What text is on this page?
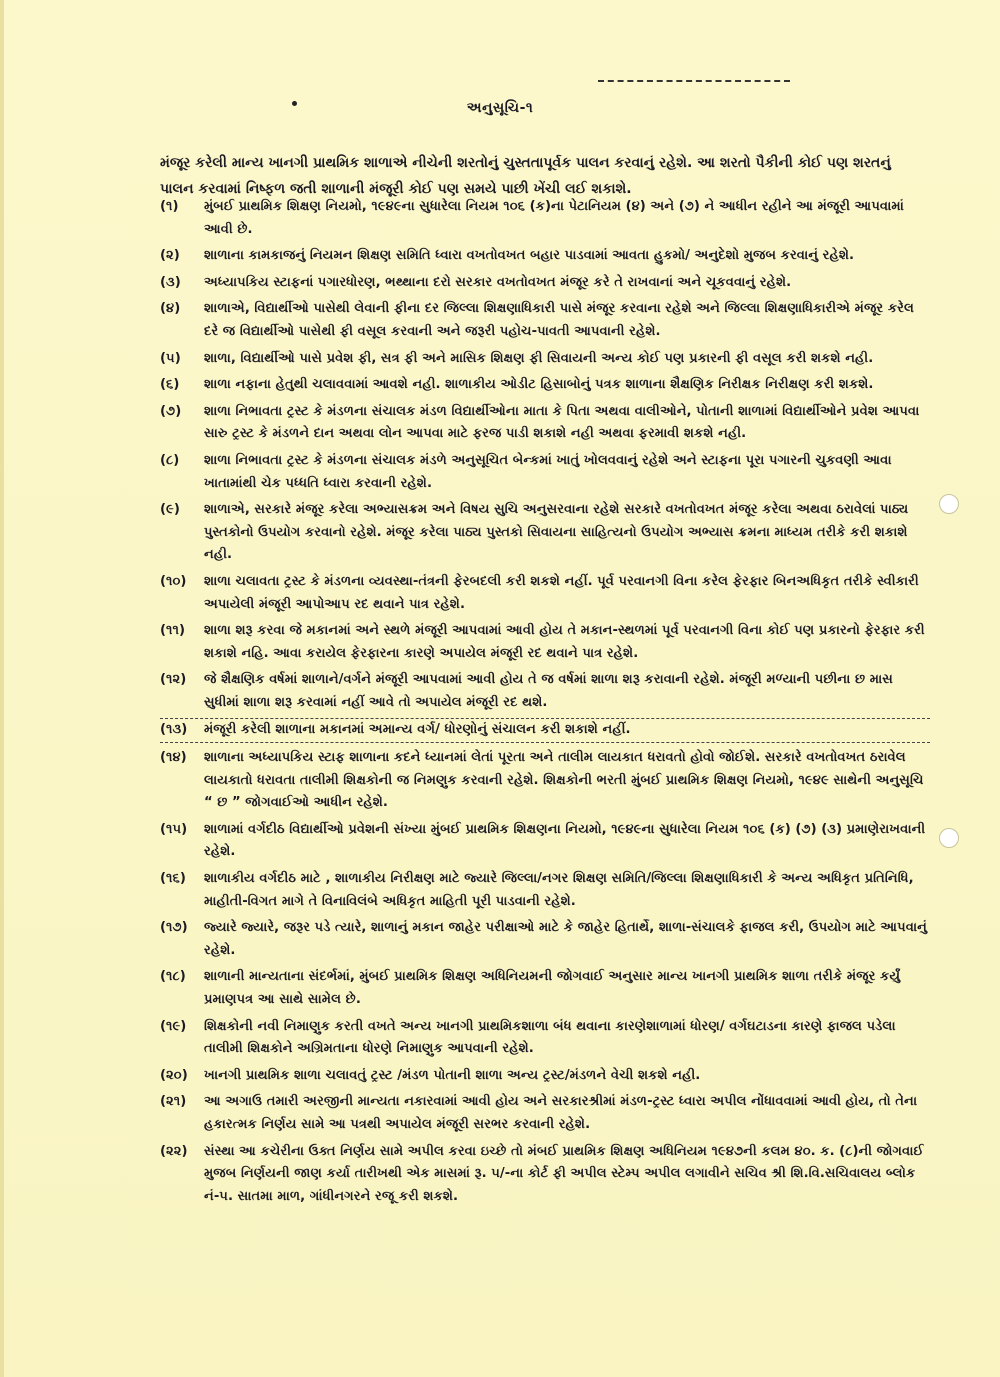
અનુસૂચિ-૧
મંજૂર કરેલી માન્ય ખાનગી પ્રાથમિક શાળાએ નીચેની શરતોનું ચુસ્તતાપૂર્વક પાલન કરવાનું રહેશે. આ શરતો પૈકીની કોઈ પણ શરતનું પાલન કરવામાં નિષ્ફળ જતી શાળાની મંજૂરી કોઈ પણ સમયે પાછી ખેંચી લઈ શકાશે.
(૧)	મુંબઈ પ્રાથમિક શિક્ષણ નિયમો, ૧૯૪૯ના સુધારેલા નિયમ ૧૦૬ (ક)ના પેટાનિયમ (૪) અને (૭) ને આધીન રહીને આ મંજૂરી આપવામાં આવી છે.
(૨)	શાળાના કામકાજનું નિયમન શિક્ષણ સમિતિ ધ્વારા વખતોવખત બહાર પાડવામાં આવતા હુકમો/ અનુદેશો મુજબ કરવાનું રહેશે.
(૩)	અધ્યાપકિય સ્ટાફનાં પગારધોરણ, ભથ્થાના દરો સરકાર વખતોવખત મંજૂર કરે તે રાખવાનાં અને ચૂકવવાનું રહેશે.
(૪)	શાળાએ, વિદ્યાર્થીઓ પાસેથી લેવાની ફીના દર જિલ્લા શિક્ષણાધિકારી પાસે મંજૂર કરવાના રહેશે અને જિલ્લા શિક્ષણાધિકારીએ મંજૂર કરેલ દરે જ વિદ્યાર્થીઓ પાસેથી ફી વસૂલ કરવાની અને જરૂરી પહોચ-પાવતી આપવાની રહેશે.
(૫)	શાળા, વિદ્યાર્થીઓ પાસે પ્રવેશ ફી, સત્ર ફી અને માસિક શિક્ષણ ફી સિવાયની અન્ય કોઈ પણ પ્રકારની ફી વસૂલ કરી શકશે નહી.
(૬)	શાળા નફાના હેતુથી ચલાવવામાં આવશે નહી. શાળાકીય ઓડીટ હિસાબોનું પત્રક શાળાના શૈક્ષણિક નિરીક્ષક નિરીક્ષણ કરી શકશે.
(૭)	શાળા નિભાવતા ટ્રસ્ટ કે મંડળના સંચાલક મંડળ વિદ્યાર્થીઓના માતા કે પિતા અથવા વાલીઓને, પોતાની શાળામાં વિદ્યાર્થીઓને પ્રવેશ આપવા સારુ ટ્રસ્ટ કે મંડળને દાન અથવા લોન આપવા માટે ફરજ પાડી શકાશે નહી અથવા ફરમાવી શકશે નહી.
(૮)	શાળા નિભાવતા ટ્રસ્ટ કે મંડળના સંચાલક મંડળે અનુસૂચિત બેન્કમાં ખાતું ખોલવવાનું રહેશે અને સ્ટાફના પૂરા પગારની ચુકવણી આવા ખાતામાંથી ચેક પધ્ધતિ ધ્વારા કરવાની રહેશે.
(૯)	શાળાએ, સરકારે મંજૂર કરેલા અભ્યાસક્રમ અને વિષય સુચિ અનુસરવાના રહેશે સરકારે વખતોવખત મંજૂર કરેલા અથવા ઠરાવેલાં પાઠ્ય પુસ્તકોનો ઉપયોગ કરવાનો રહેશે. મંજૂર કરેલા પાઠ્ય પુસ્તકો સિવાયના સાહિત્યનો ઉપયોગ અભ્યાસ ક્રમના માધ્યમ તરીકે કરી શકાશે નહી.
(૧૦)	શાળા ચલાવતા ટ્રસ્ટ કે મંડળના વ્યવસ્થા-તંત્રની ફેરબદલી કરી શકશે નહીં. પૂર્વ પરવાનગી વિના કરેલ ફેરફાર બિનઅધિકૃત તરીકે સ્વીકારી અપાયેલી મંજૂરી આપોઆપ રદ થવાને પાત્ર રહેશે.
(૧૧)	શાળા શરૂ કરવા જે મકાનમાં અને સ્થળે મંજૂરી આપવામાં આવી હોય તે મકાન-સ્થળમાં પૂર્વ પરવાનગી વિના કોઈ પણ પ્રકારનો ફેરફાર કરી શકાશે નહિ. આવા કરાયેલ ફેરફારના કારણે અપાયેલ મંજૂરી રદ થવાને પાત્ર રહેશે.
(૧૨)	જે શૈક્ષણિક વર્ષમાં શાળાને/વર્ગને મંજૂરી આપવામાં આવી હોય તે જ વર્ષમાં શાળા શરૂ કરાવાની રહેશે. મંજૂરી મળ્યાની પછીના છ માસ સુધીમાં શાળા શરૂ કરવામાં નહીં આવે તો અપાયેલ મંજૂરી રદ થશે.
(૧૩)	મંજૂરી કરેલી શાળાના મકાનમાં અમાન્ય વર્ગ/ ધોરણોનું સંચાલન કરી શકાશે નહીં.
(૧૪)	શાળાના અધ્યાપકિય સ્ટાફ શાળાના કદને ધ્યાનમાં લેતાં પૂરતા અને તાલીમ લાયકાત ધરાવતો હોવો જોઈશે. સરકારે વખતોવખત ઠરાવેલ લાયકાતો ધરાવતા તાલીમી શિક્ષકોની જ નિમણુક કરવાની રહેશે. શિક્ષકોની ભરતી મુંબઈ પ્રાથમિક શિક્ષણ નિયમો, ૧૯૪૯ સાથેની અનુસૂચિ “ છ ” જોગવાઈઓ આધીન રહેશે.
(૧૫)	શાળામાં વર્ગદીઠ વિદ્યાર્થીઓ પ્રવેશની સંખ્યા મુંબઈ પ્રાથમિક શિક્ષણના નિયમો, ૧૯૪૯ના સુધારેલા નિયમ ૧૦૬ (ક) (૭) (૩) પ્રમાણેરાખવાની રહેશે.
(૧૬)	શાળાકીય વર્ગદીઠ માટે , શાળાકીય નિરીક્ષણ માટે જ્યારે જિલ્લા/નગર શિક્ષણ સમિતિ/જિલ્લા શિક્ષણાધિકારી કે અન્ય અધિકૃત પ્રતિનિધિ, માહીતી-વિગત માગે તે વિનાવિલંબે અધિકૃત માહિતી પૂરી પાડવાની રહેશે.
(૧૭)	જ્યારે જ્યારે, જરૂર પડે ત્યારે, શાળાનું મકાન જાહેર પરીક્ષાઓ માટે કે જાહેર હિતાર્થે, શાળા-સંચાલકે ફાજલ કરી, ઉપયોગ માટે આપવાનું રહેશે.
(૧૮)	શાળાની માન્યતાના સંદર્ભમાં, મુંબઈ પ્રાથમિક શિક્ષણ અધિનિયમની જોગવાઈ અનુસાર માન્ય ખાનગી પ્રાથમિક શાળા તરીકે મંજૂર કર્યું પ્રમાણપત્ર આ સાથે સામેલ છે.
(૧૯)	શિક્ષકોની નવી નિમાણુક કરતી વખતે અન્ય ખાનગી પ્રાથમિકશાળા બંધ થવાના કારણેશાળામાં ધોરણ/ વર્ગઘટાડના કારણે ફાજલ પડેલા તાલીમી શિક્ષકોને અગ્રિમતાના ધોરણે નિમાણુક આપવાની રહેશે.
(૨૦)	ખાનગી પ્રાથમિક શાળા ચલાવતું ટ્રસ્ટ /મંડળ પોતાની શાળા અન્ય ટ્રસ્ટ/મંડળને વેચી શકશે નહી.
(૨૧)	આ અગાઉ તમારી અરજીની માન્યતા નકારવામાં આવી હોય અને સરકારશ્રીમાં મંડળ-ટ્રસ્ટ ધ્વારા અપીલ નોંધાવવામાં આવી હોય, તો તેના હકારત્મક નિર્ણય સામે આ પત્રથી અપાયેલ મંજૂરી સરભર કરવાની રહેશે.
(૨૨)	સંસ્થા આ કચેરીના ઉક્ત નિર્ણય સામે અપીલ કરવા ઇચ્છે તો મંબઈ પ્રાથમિક શિક્ષણ અધિનિયમ ૧૯૪૭ની કલમ ૪૦. ક. (૮)ની જોગવાઈ મુજબ નિર્ણયની જાણ કર્યા તારીખથી એક માસમાં રૂ. ૫/-ના કોર્ટ ફી અપીલ સ્ટેમ્પ અપીલ લગાવીને સચિવ શ્રી શિ.વિ.સચિવાલય બ્લોક નં-૫. સાતમા માળ, ગાંધીનગરને રજૂ કરી શકશે.
